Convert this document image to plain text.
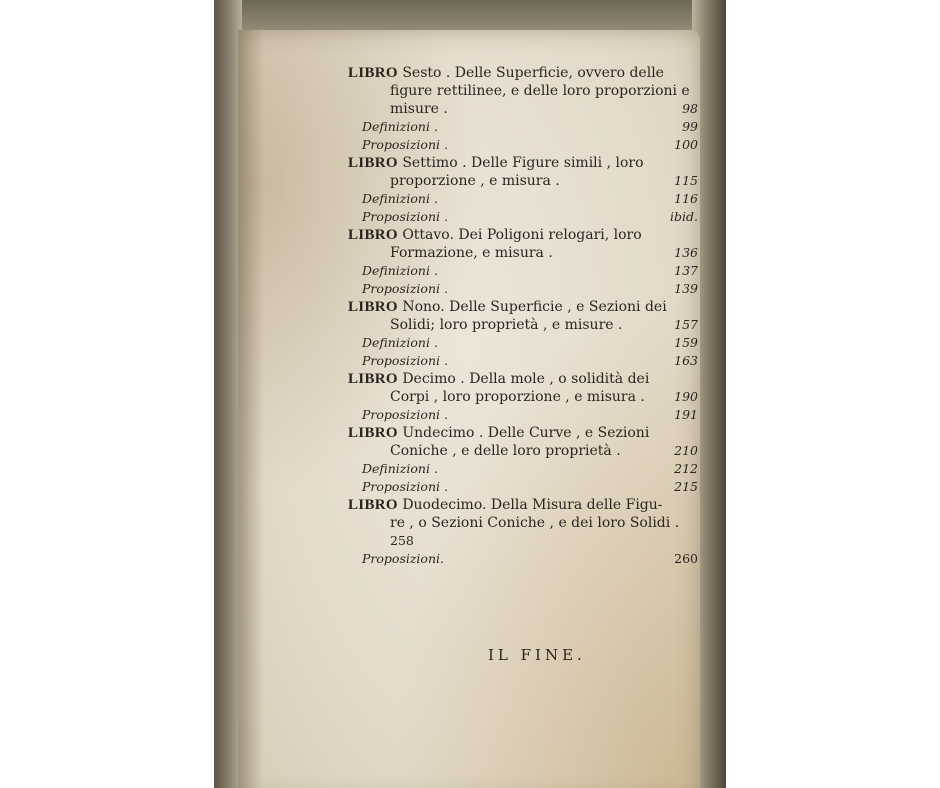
LIBRO Sesto . Delle Superficie, ovvero delle
figure rettilinee, e delle loro proporzioni e
misure .	98
Definizioni .	99
Proposizioni .	100
LIBRO Settimo . Delle Figure simili , loro
proporzione , e misura .	115
Definizioni .	116
Proposizioni .	ibid.
LIBRO Ottavo. Dei Poligoni relogari, loro
Formazione, e misura .	136
Definizioni .	137
Proposizioni .	139
LIBRO Nono. Delle Superficie , e Sezioni dei
Solidi; loro proprietà , e misure .	157
Definizioni .	159
Proposizioni .	163
LIBRO Decimo . Della mole , o solidità dei
Corpi , loro proporzione , e misura . 190
Proposizioni .	191
LIBRO Undecimo . Delle Curve , e Sezioni
Coniche , e delle loro proprietà .	210
Definizioni .	212
Proposizioni .	215
LIBRO Duodecimo. Della Misura delle Figu-
re , o Sezioni Coniche , e dei loro Solidi .
258
Proposizioni.	260
IL FINE.
